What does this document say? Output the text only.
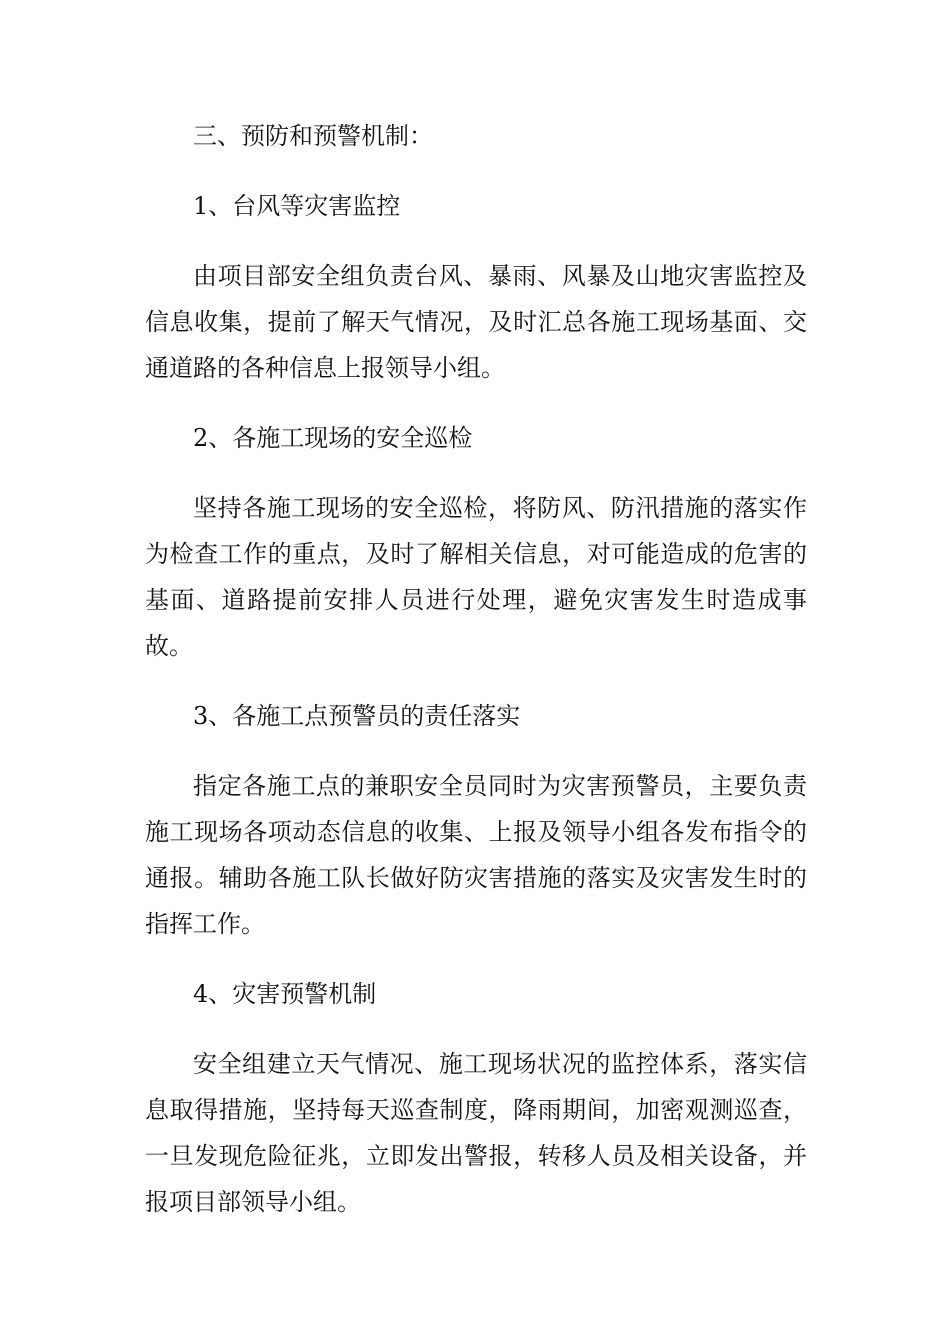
三、预防和预警机制：

1、台风等灾害监控

由项目部安全组负责台风、暴雨、风暴及山地灾害监控及信息收集，提前了解天气情况，及时汇总各施工现场基面、交通道路的各种信息上报领导小组。

2、各施工现场的安全巡检

坚持各施工现场的安全巡检，将防风、防汛措施的落实作为检查工作的重点，及时了解相关信息，对可能造成的危害的基面、道路提前安排人员进行处理，避免灾害发生时造成事故。

3、各施工点预警员的责任落实

指定各施工点的兼职安全员同时为灾害预警员，主要负责施工现场各项动态信息的收集、上报及领导小组各发布指令的通报。辅助各施工队长做好防灾害措施的落实及灾害发生时的指挥工作。

4、灾害预警机制

安全组建立天气情况、施工现场状况的监控体系，落实信息取得措施，坚持每天巡查制度，降雨期间，加密观测巡查，一旦发现危险征兆，立即发出警报，转移人员及相关设备，并报项目部领导小组。
